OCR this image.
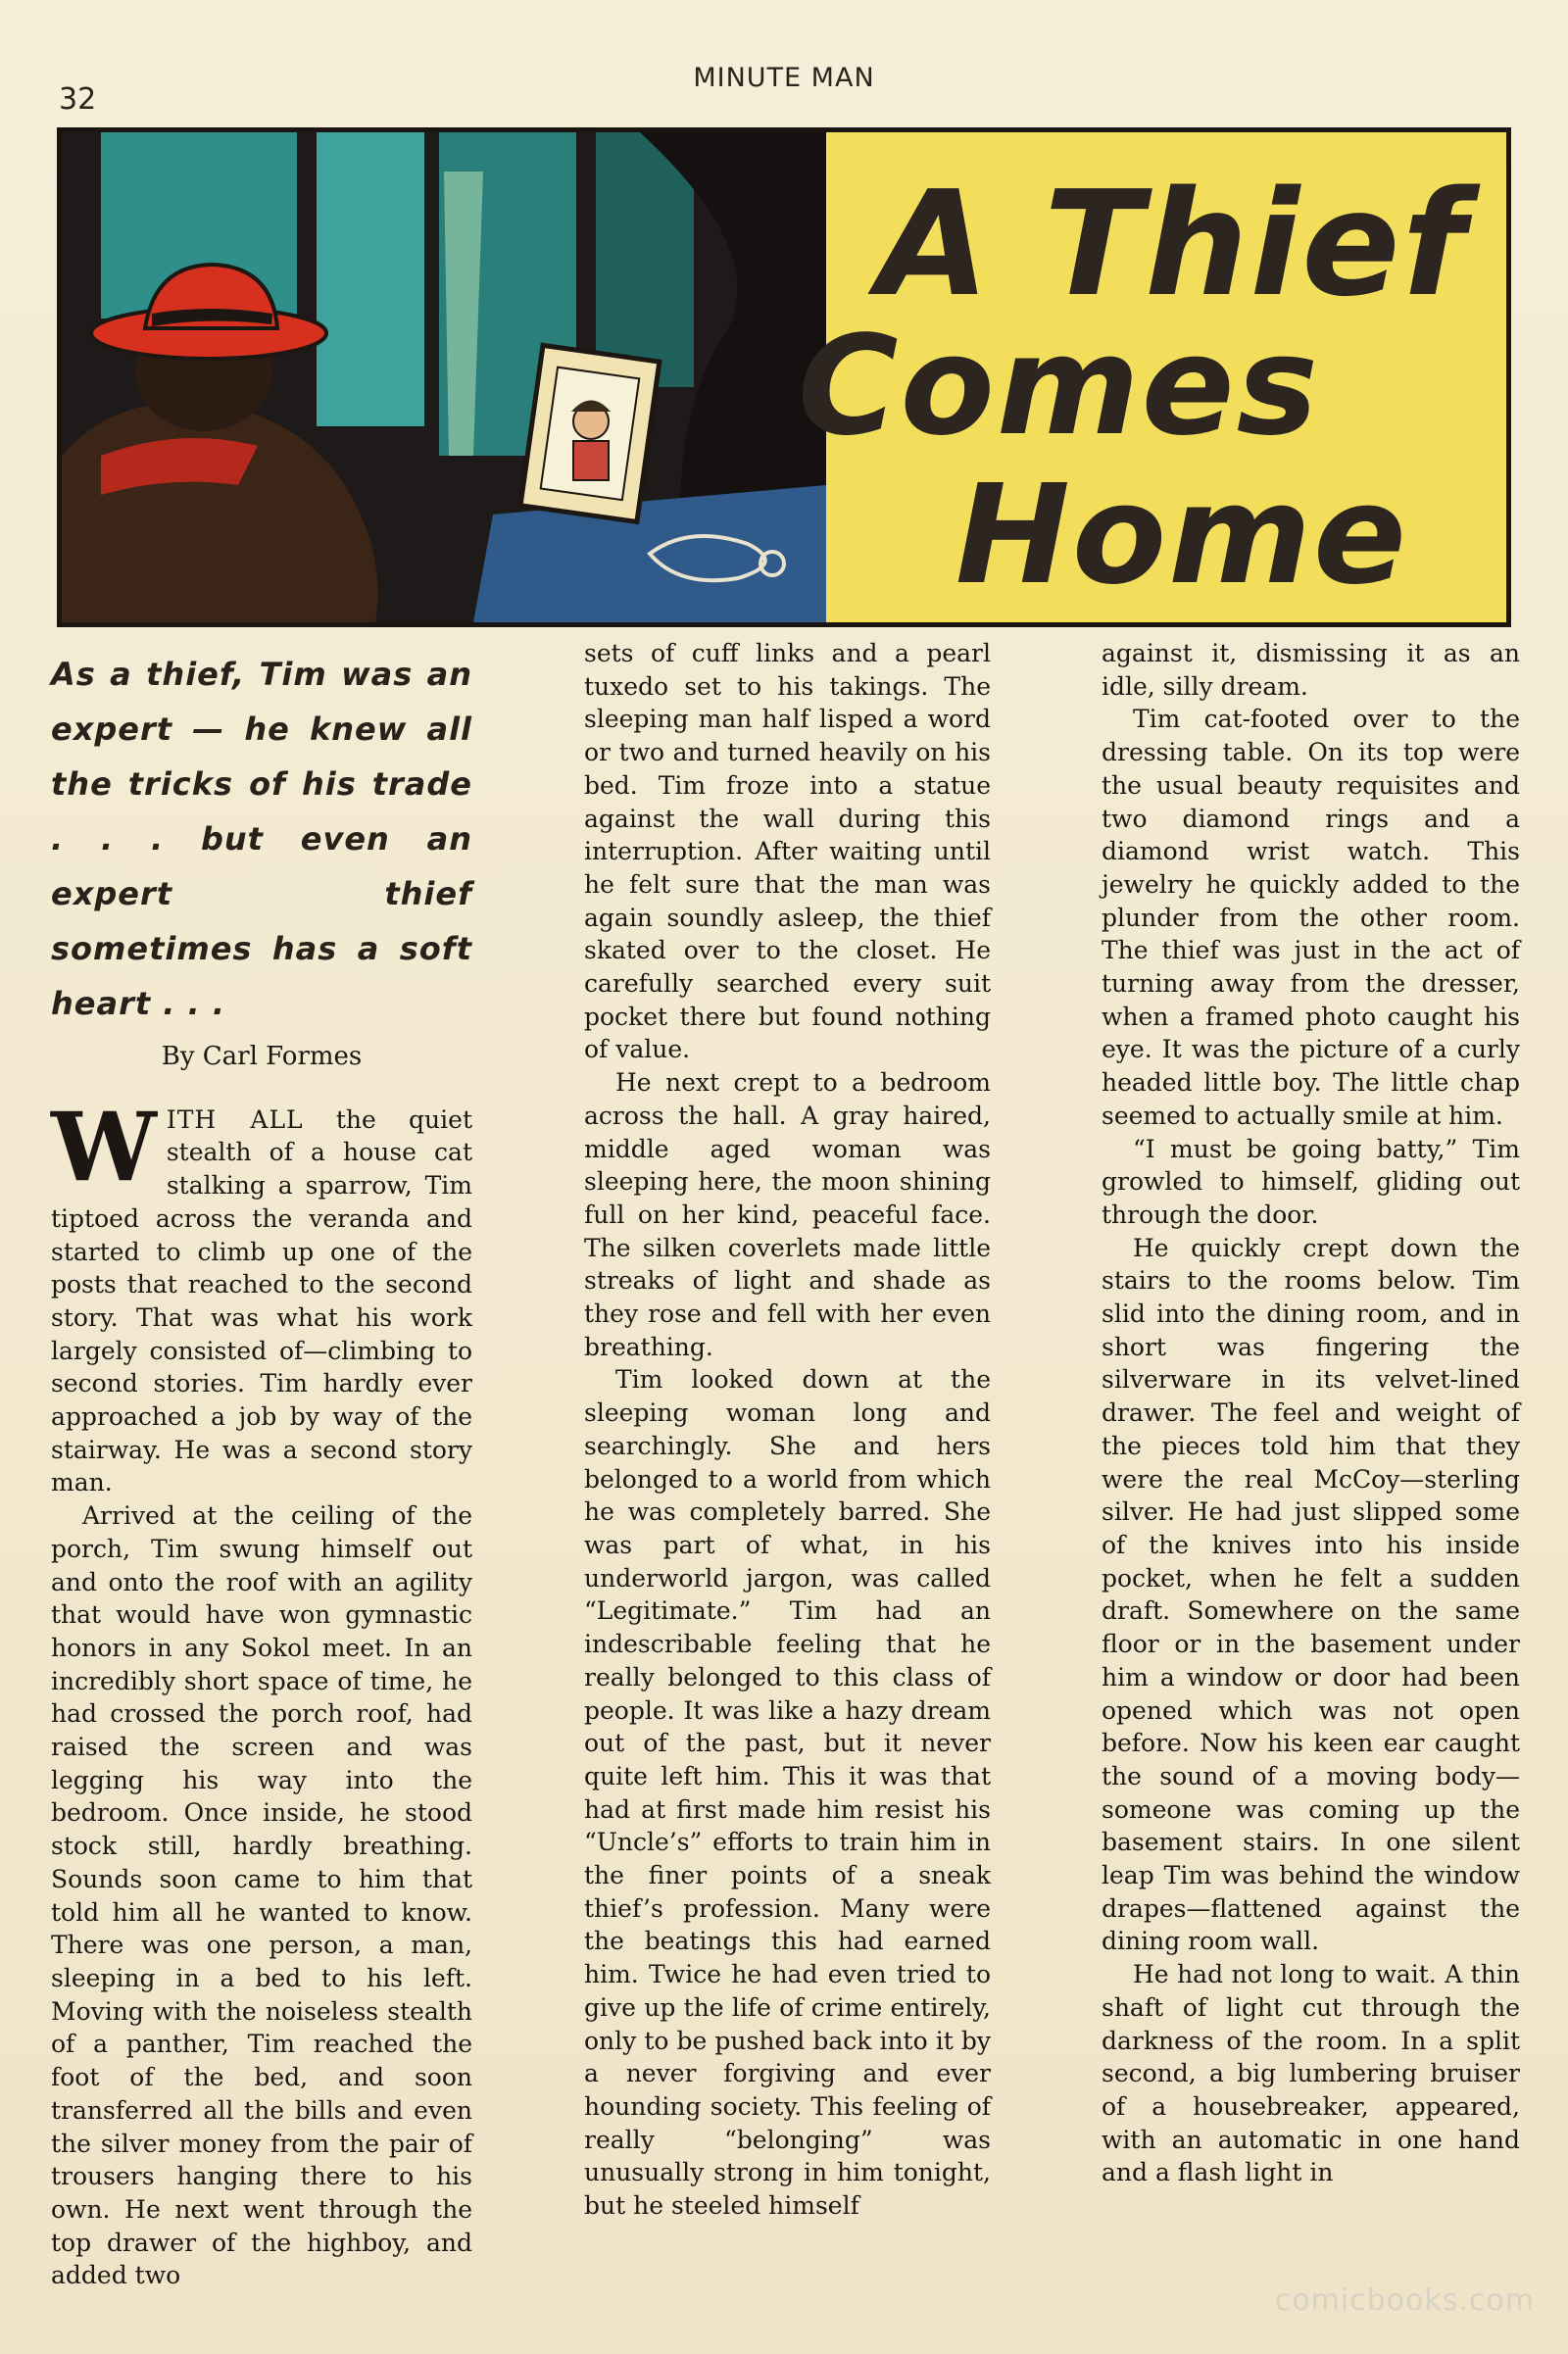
32
MINUTE MAN
A Thief
Comes
Home
As a thief, Tim was an expert — he knew all the tricks of his trade . . . but even an expert thief sometimes has a soft heart . . .
By Carl Formes

WITH ALL the quiet stealth of a house cat stalking a sparrow, Tim tiptoed across the veranda and started to climb up one of the posts that reached to the second story. That was what his work largely consisted of—climbing to second stories. Tim hardly ever approached a job by way of the stairway. He was a second story man.

Arrived at the ceiling of the porch, Tim swung himself out and onto the roof with an agility that would have won gymnastic honors in any Sokol meet. In an incredibly short space of time, he had crossed the porch roof, had raised the screen and was legging his way into the bedroom. Once inside, he stood stock still, hardly breathing. Sounds soon came to him that told him all he wanted to know. There was one person, a man, sleeping in a bed to his left. Moving with the noiseless stealth of a panther, Tim reached the foot of the bed, and soon transferred all the bills and even the silver money from the pair of trousers hanging there to his own. He next went through the top drawer of the highboy, and added two

sets of cuff links and a pearl tuxedo set to his takings. The sleeping man half lisped a word or two and turned heavily on his bed. Tim froze into a statue against the wall during this interruption. After waiting until he felt sure that the man was again soundly asleep, the thief skated over to the closet. He carefully searched every suit pocket there but found nothing of value.

He next crept to a bedroom across the hall. A gray haired, middle aged woman was sleeping here, the moon shining full on her kind, peaceful face. The silken coverlets made little streaks of light and shade as they rose and fell with her even breathing.

Tim looked down at the sleeping woman long and searchingly. She and hers belonged to a world from which he was completely barred. She was part of what, in his underworld jargon, was called “Legitimate.” Tim had an indescribable feeling that he really belonged to this class of people. It was like a hazy dream out of the past, but it never quite left him. This it was that had at first made him resist his “Uncle’s” efforts to train him in the finer points of a sneak thief’s profession. Many were the beatings this had earned him. Twice he had even tried to give up the life of crime entirely, only to be pushed back into it by a never forgiving and ever hounding society. This feeling of really “belonging” was unusually strong in him tonight, but he steeled himself

against it, dismissing it as an idle, silly dream.

Tim cat-footed over to the dressing table. On its top were the usual beauty requisites and two diamond rings and a diamond wrist watch. This jewelry he quickly added to the plunder from the other room. The thief was just in the act of turning away from the dresser, when a framed photo caught his eye. It was the picture of a curly headed little boy. The little chap seemed to actually smile at him.

“I must be going batty,” Tim growled to himself, gliding out through the door.

He quickly crept down the stairs to the rooms below. Tim slid into the dining room, and in short was fingering the silverware in its velvet-lined drawer. The feel and weight of the pieces told him that they were the real McCoy—sterling silver. He had just slipped some of the knives into his inside pocket, when he felt a sudden draft. Somewhere on the same floor or in the basement under him a window or door had been opened which was not open before. Now his keen ear caught the sound of a moving body—someone was coming up the basement stairs. In one silent leap Tim was behind the window drapes—flattened against the dining room wall.

He had not long to wait. A thin shaft of light cut through the darkness of the room. In a split second, a big lumbering bruiser of a housebreaker, appeared, with an automatic in one hand and a flash light in

comicbooks.com
